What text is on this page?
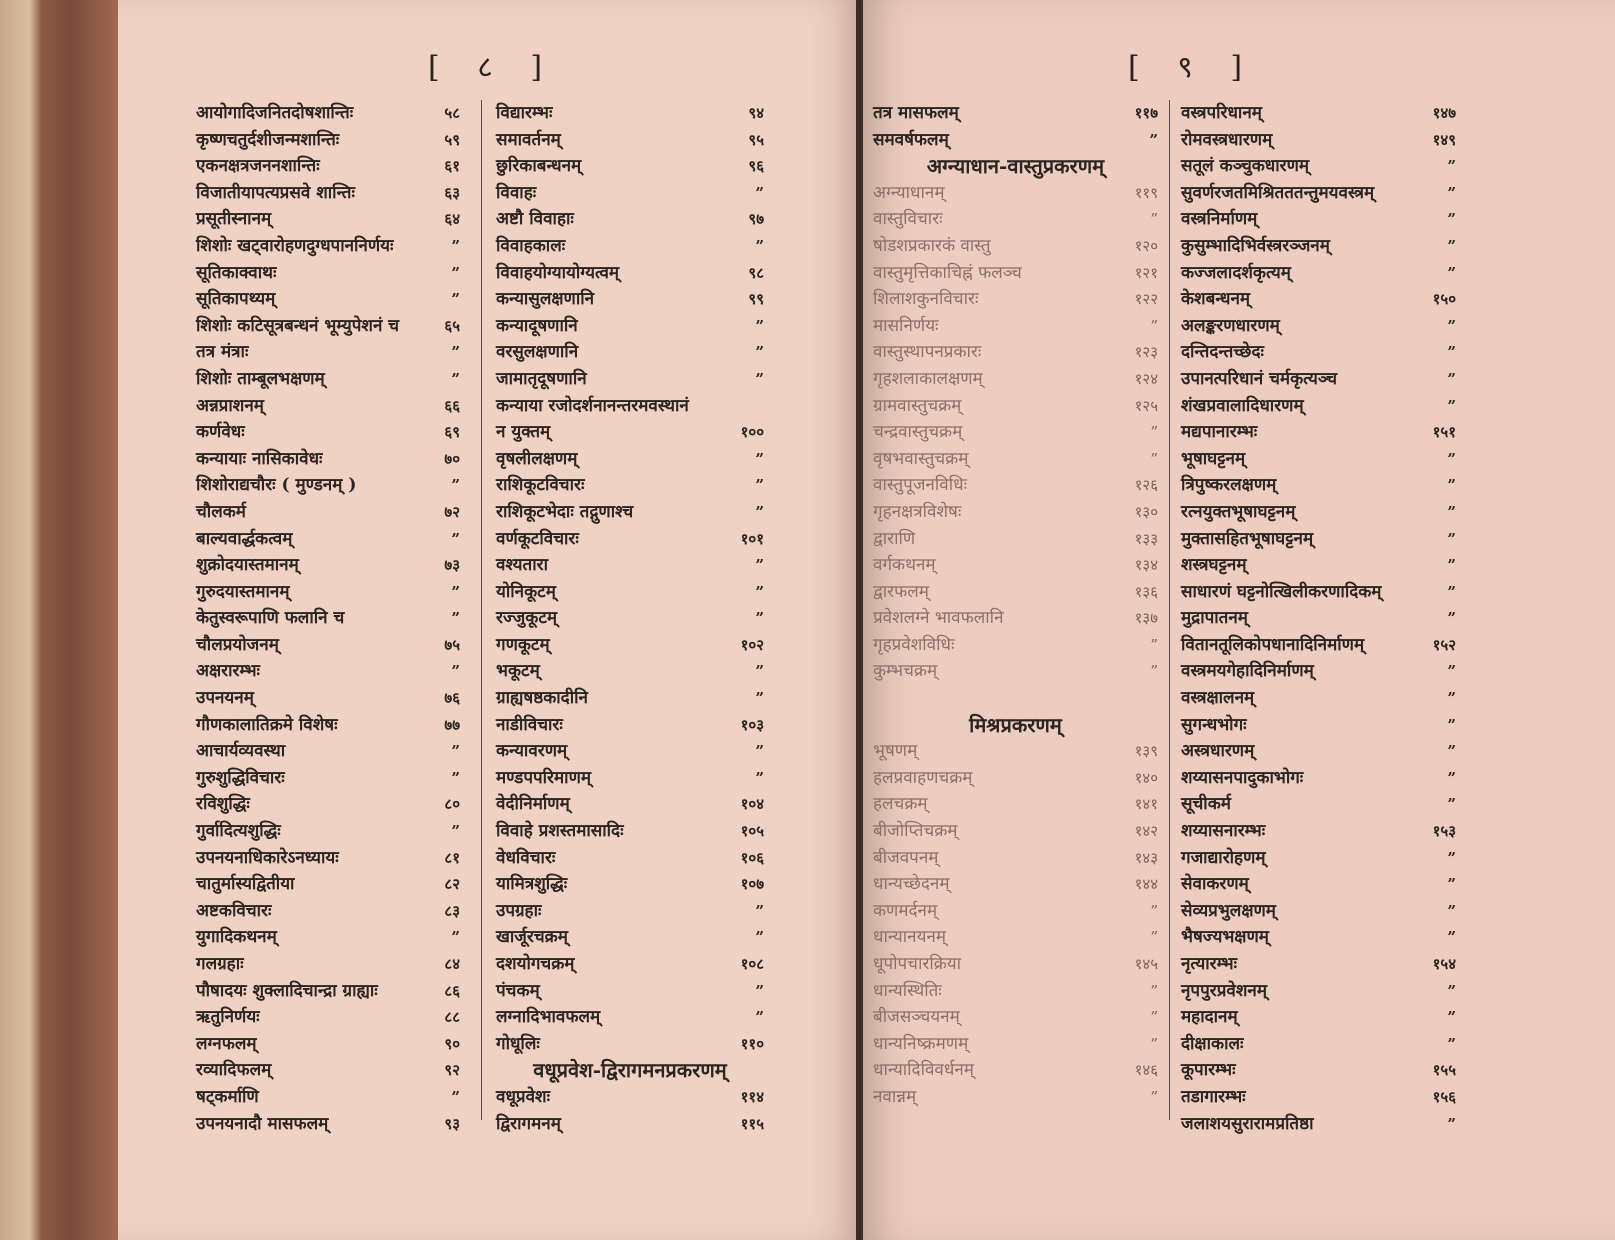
[ ८ ]
आयोगादिजनितदोषशान्तिः	५८
कृष्णचतुर्दशीजन्मशान्तिः	५९
एकनक्षत्रजननशान्तिः	६१
विजातीयापत्यप्रसवे शान्तिः	६३
प्रसूतीस्नानम्	६४
शिशोः खट्वारोहणदुग्धपाननिर्णयः	”
सूतिकाक्वाथः	”
सूतिकापथ्यम्	”
शिशोः कटिसूत्रबन्धनं भूम्युपेशनं च	६५
तत्र मंत्राः	”
शिशोः ताम्बूलभक्षणम्	”
अन्नप्राशनम्	६६
कर्णवेधः	६९
कन्यायाः नासिकावेधः	७०
शिशोराद्यचौरः ( मुण्डनम् )	”
चौलकर्म	७२
बाल्यवार्द्धकत्वम्	”
शुक्रोदयास्तमानम्	७३
गुरुदयास्तमानम्	”
केतुस्वरूपाणि फलानि च	”
चौलप्रयोजनम्	७५
अक्षरारम्भः	”
उपनयनम्	७६
गौणकालातिक्रमे विशेषः	७७
आचार्यव्यवस्था	”
गुरुशुद्धिविचारः	”
रविशुद्धिः	८०
गुर्वादित्यशुद्धिः	”
उपनयनाधिकारेऽनध्यायः	८१
चातुर्मास्यद्वितीया	८२
अष्टकविचारः	८३
युगादिकथनम्	”
गलग्रहाः	८४
पौषादयः शुक्लादिचान्द्रा ग्राह्याः	८६
ऋतुनिर्णयः	८८
लग्नफलम्	९०
रव्यादिफलम्	९२
षट्कर्माणि	”
उपनयनादौ मासफलम्	९३
विद्यारम्भः	९४
समावर्तनम्	९५
छुरिकाबन्धनम्	९६
विवाहः	”
अष्टौ विवाहाः	९७
विवाहकालः	”
विवाहयोग्यायोग्यत्वम्	९८
कन्यासुलक्षणानि	९९
कन्यादूषणानि	”
वरसुलक्षणानि	”
जामातृदूषणानि	”
कन्याया रजोदर्शनानन्तरमवस्थानं
न युक्तम्	१००
वृषलीलक्षणम्	”
राशिकूटविचारः	”
राशिकूटभेदाः तद्गुणाश्च	”
वर्णकूटविचारः	१०१
वश्यतारा	”
योनिकूटम्	”
रज्जुकूटम्	”
गणकूटम्	१०२
भकूटम्	”
ग्राह्यषष्ठकादीनि	”
नाडीविचारः	१०३
कन्यावरणम्	”
मण्डपपरिमाणम्	”
वेदीनिर्माणम्	१०४
विवाहे प्रशस्तमासादिः	१०५
वेधविचारः	१०६
यामित्रशुद्धिः	१०७
उपग्रहाः	”
खार्जूरचक्रम्	”
दशयोगचक्रम्	१०८
पंचकम्	”
लग्नादिभावफलम्	”
गोधूलिः	११०
वधूप्रवेश-द्विरागमनप्रकरणम्
वधूप्रवेशः	११४
द्विरागमनम्	११५
[ ९ ]
तत्र मासफलम्	११७
समवर्षफलम्	”
अग्न्याधान-वास्तुप्रकरणम्
अग्न्याधानम्	११९
वास्तुविचारः	”
षोडशप्रकारकं वास्तु	१२०
वास्तुमृत्तिकाचिह्नं फलञ्च	१२१
शिलाशकुनविचारः	१२२
मासनिर्णयः	”
वास्तुस्थापनप्रकारः	१२३
गृहशलाकालक्षणम्	१२४
ग्रामवास्तुचक्रम्	१२५
चन्द्रवास्तुचक्रम्	”
वृषभवास्तुचक्रम्	”
वास्तुपूजनविधिः	१२६
गृहनक्षत्रविशेषः	१३०
द्वाराणि	१३३
वर्गकथनम्	१३४
द्वारफलम्	१३६
प्रवेशलग्ने भावफलानि	१३७
गृहप्रवेशविधिः	”
कुम्भचक्रम्	”
मिश्रप्रकरणम्
भूषणम्	१३९
हलप्रवाहणचक्रम्	१४०
हलचक्रम्	१४१
बीजोप्तिचक्रम्	१४२
बीजवपनम्	१४३
धान्यच्छेदनम्	१४४
कणमर्दनम्	”
धान्यानयनम्	”
धूपोपचारक्रिया	१४५
धान्यस्थितिः	”
बीजसञ्चयनम्	”
धान्यनिष्क्रमणम्	”
धान्यादिविवर्धनम्	१४६
नवान्नम्	”
वस्त्रपरिधानम्	१४७
रोमवस्त्रधारणम्	१४९
सतूलं कञ्चुकधारणम्	”
सुवर्णरजतमिश्रितततन्तुमयवस्त्रम्	”
वस्त्रनिर्माणम्	”
कुसुम्भादिभिर्वस्त्ररञ्जनम्	”
कज्जलादर्शकृत्यम्	”
केशबन्धनम्	१५०
अलङ्करणधारणम्	”
दन्तिदन्तच्छेदः	”
उपानत्परिधानं चर्मकृत्यञ्च	”
शंखप्रवालादिधारणम्	”
मद्यपानारम्भः	१५१
भूषाघट्टनम्	”
त्रिपुष्करलक्षणम्	”
रत्नयुक्तभूषाघट्टनम्	”
मुक्तासहितभूषाघट्टनम्	”
शस्त्रघट्टनम्	”
साधारणं घट्टनोत्खिलीकरणादिकम्	”
मुद्रापातनम्	”
वितानतूलिकोपधानादिनिर्माणम्	१५२
वस्त्रमयगेहादिनिर्माणम्	”
वस्त्रक्षालनम्	”
सुगन्धभोगः	”
अस्त्रधारणम्	”
शय्यासनपादुकाभोगः	”
सूचीकर्म	”
शय्यासनारम्भः	१५३
गजाद्यारोहणम्	”
सेवाकरणम्	”
सेव्यप्रभुलक्षणम्	”
भैषज्यभक्षणम्	”
नृत्यारम्भः	१५४
नृपपुरप्रवेशनम्	”
महादानम्	”
दीक्षाकालः	”
कूपारम्भः	१५५
तडागारम्भः	१५६
जलाशयसुरारामप्रतिष्ठा	”
